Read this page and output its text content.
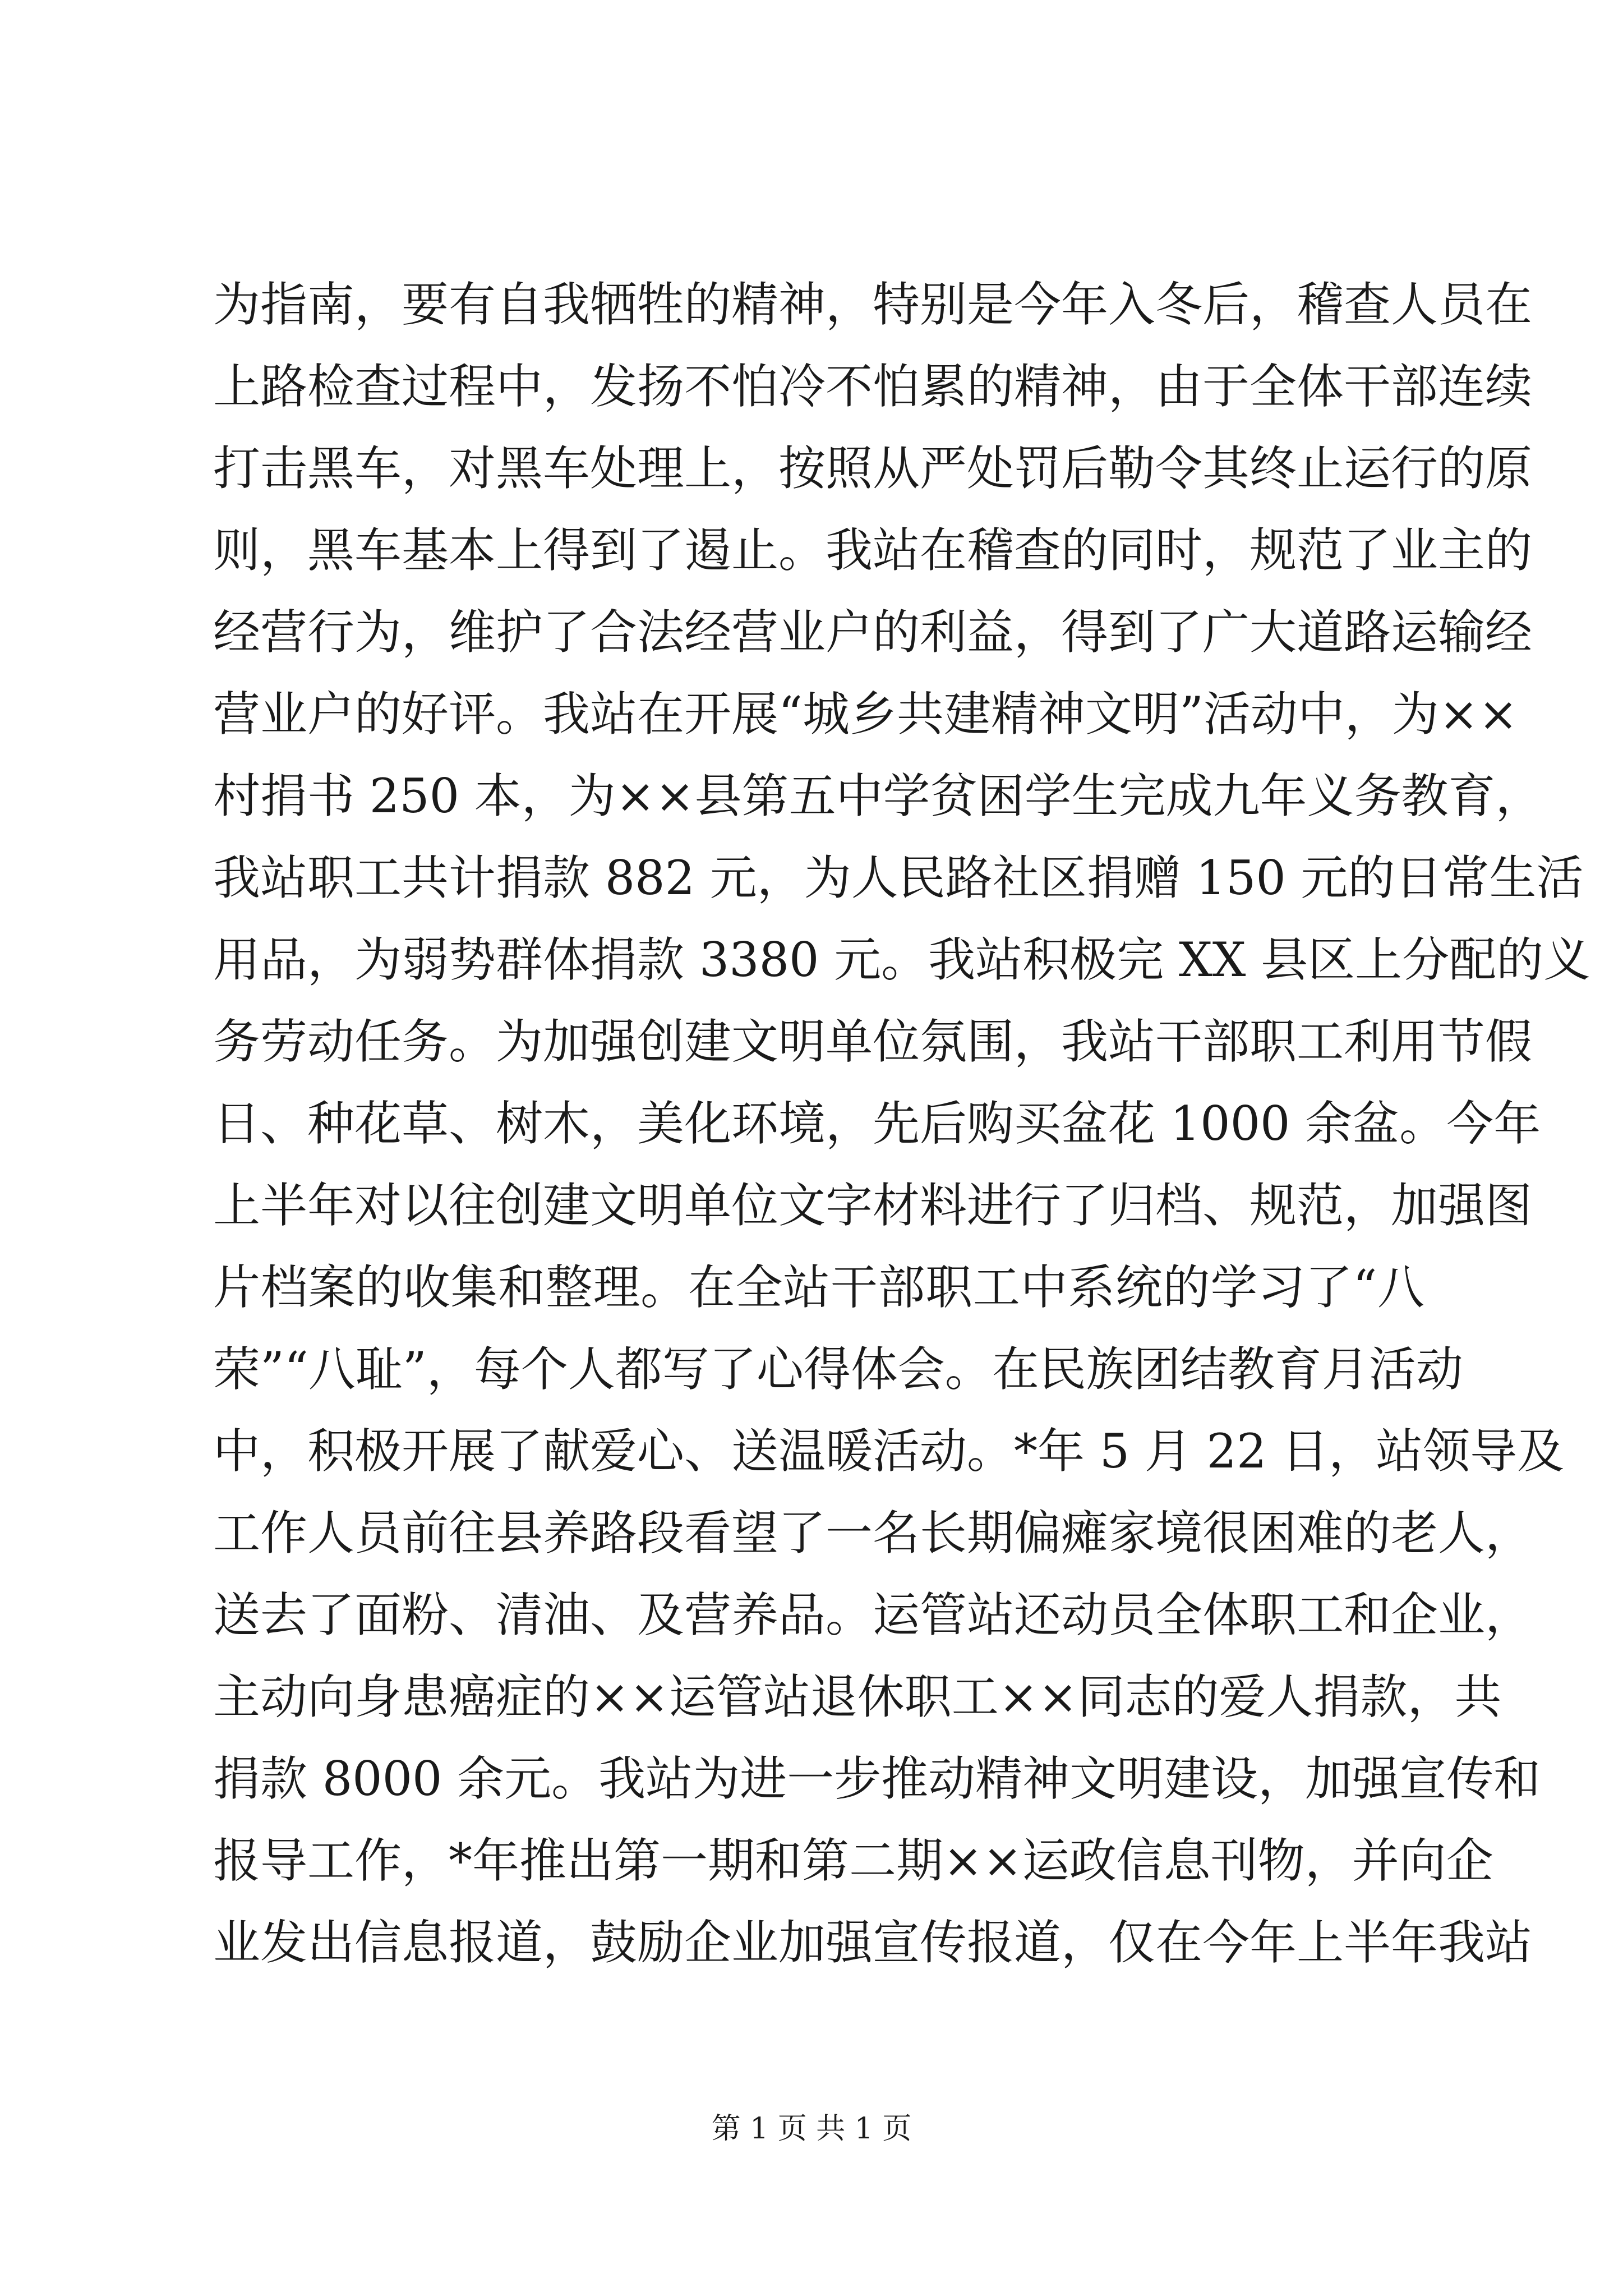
为指南，要有自我牺牲的精神，特别是今年入冬后，稽查人员在
上路检查过程中，发扬不怕冷不怕累的精神，由于全体干部连续
打击黑车，对黑车处理上，按照从严处罚后勒令其终止运行的原
则，黑车基本上得到了遏止。我站在稽查的同时，规范了业主的
经营行为，维护了合法经营业户的利益，得到了广大道路运输经
营业户的好评。我站在开展“城乡共建精神文明”活动中，为××
村捐书 250 本，为××县第五中学贫困学生完成九年义务教育，
我站职工共计捐款 882 元，为人民路社区捐赠 150 元的日常生活
用品，为弱势群体捐款 3380 元。我站积极完 XX 县区上分配的义
务劳动任务。为加强创建文明单位氛围，我站干部职工利用节假
日、种花草、树木，美化环境，先后购买盆花 1000 余盆。今年
上半年对以往创建文明单位文字材料进行了归档、规范，加强图
片档案的收集和整理。在全站干部职工中系统的学习了“八
荣”“八耻”，每个人都写了心得体会。在民族团结教育月活动
中，积极开展了献爱心、送温暖活动。*年 5 月 22 日，站领导及
工作人员前往县养路段看望了一名长期偏瘫家境很困难的老人，
送去了面粉、清油、及营养品。运管站还动员全体职工和企业，
主动向身患癌症的××运管站退休职工××同志的爱人捐款，共
捐款 8000 余元。我站为进一步推动精神文明建设，加强宣传和
报导工作，*年推出第一期和第二期××运政信息刊物，并向企
业发出信息报道，鼓励企业加强宣传报道，仅在今年上半年我站
第 1 页 共 1 页
